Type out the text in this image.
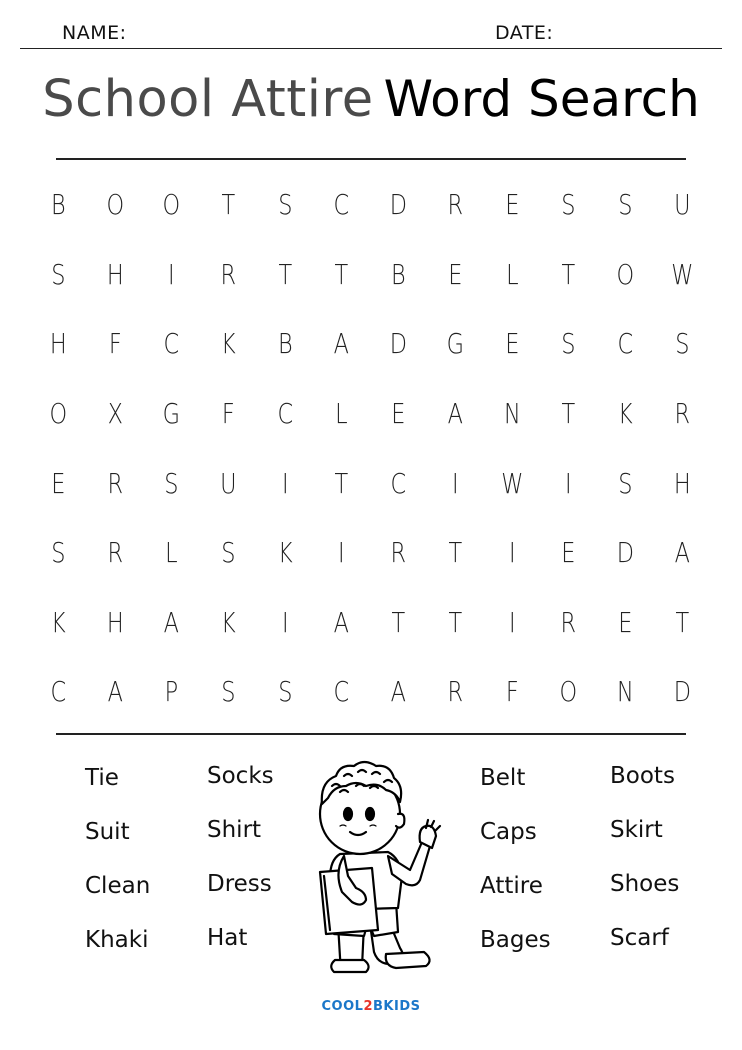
NAME:	DATE:
School Attire Word Search
B	O	O	T	S	C	D	R	E	S	S	U
S	H	I	R	T	T	B	E	L	T	O	W
H	F	C	K	B	A	D	G	E	S	C	S
O	X	G	F	C	L	E	A	N	T	K	R
E	R	S	U	I	T	C	I	W	I	S	H
S	R	L	S	K	I	R	T	I	E	D	A
K	H	A	K	I	A	T	T	I	R	E	T
C	A	P	S	S	C	A	R	F	O	N	D
Tie
Suit
Clean
Khaki
Socks
Shirt
Dress
Hat
Belt
Caps
Attire
Bages
Boots
Skirt
Shoes
Scarf
COOL2BKIDS
